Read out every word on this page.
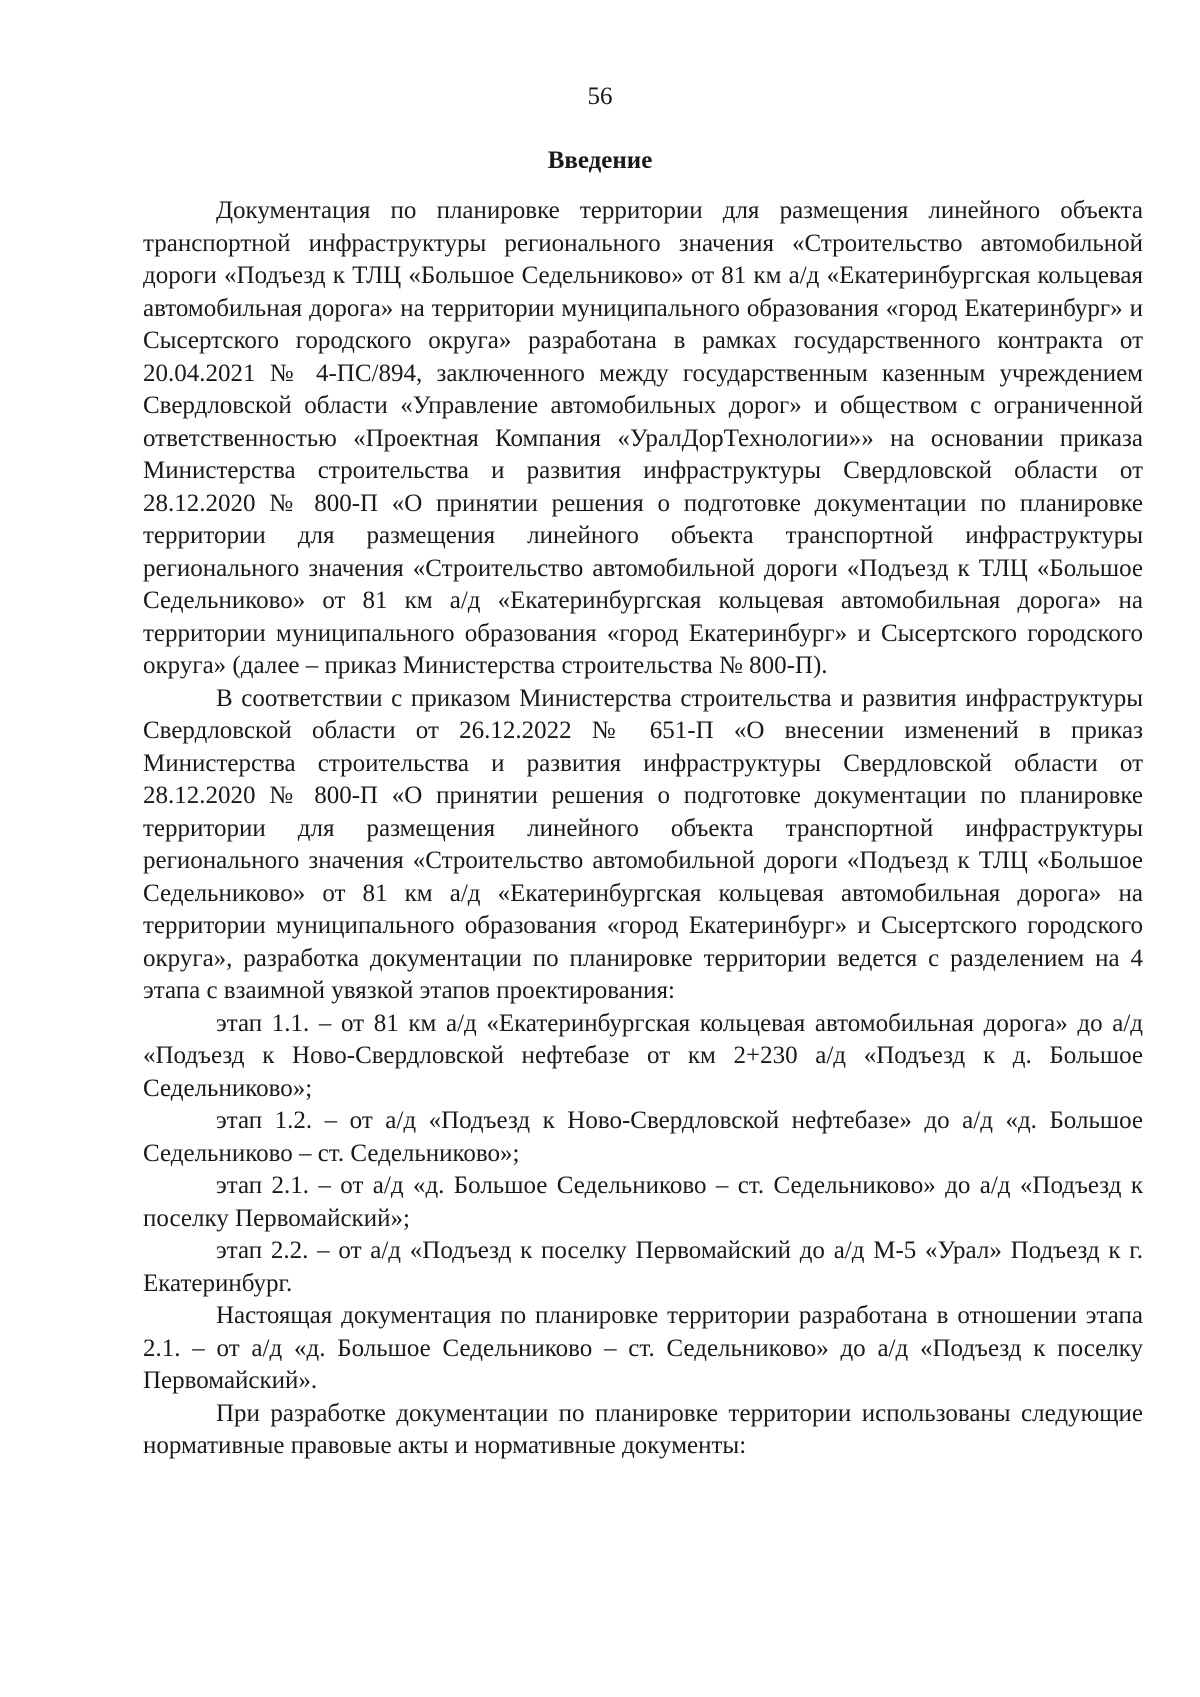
56
Введение

Документация по планировке территории для размещения линейного объекта транспортной инфраструктуры регионального значения «Строительство автомобильной дороги «Подъезд к ТЛЦ «Большое Седельниково» от 81 км а/д «Екатеринбургская кольцевая автомобильная дорога» на территории муниципального образования «город Екатеринбург» и Сысертского городского округа» разработана в рамках государственного контракта от 20.04.2021 № 4-ПС/894, заключенного между государственным казенным учреждением Свердловской области «Управление автомобильных дорог» и обществом с ограниченной ответственностью «Проектная Компания «УралДорТехнологии»» на основании приказа Министерства строительства и развития инфраструктуры Свердловской области от 28.12.2020 № 800-П «О принятии решения о подготовке документации по планировке территории для размещения линейного объекта транспортной инфраструктуры регионального значения «Строительство автомобильной дороги «Подъезд к ТЛЦ «Большое Седельниково» от 81 км а/д «Екатеринбургская кольцевая автомобильная дорога» на территории муниципального образования «город Екатеринбург» и Сысертского городского округа» (далее – приказ Министерства строительства № 800-П).

В соответствии с приказом Министерства строительства и развития инфраструктуры Свердловской области от 26.12.2022 № 651-П «О внесении изменений в приказ Министерства строительства и развития инфраструктуры Свердловской области от 28.12.2020 № 800-П «О принятии решения о подготовке документации по планировке территории для размещения линейного объекта транспортной инфраструктуры регионального значения «Строительство автомобильной дороги «Подъезд к ТЛЦ «Большое Седельниково» от 81 км а/д «Екатеринбургская кольцевая автомобильная дорога» на территории муниципального образования «город Екатеринбург» и Сысертского городского округа», разработка документации по планировке территории ведется с разделением на 4 этапа с взаимной увязкой этапов проектирования:

этап 1.1. – от 81 км а/д «Екатеринбургская кольцевая автомобильная дорога» до а/д «Подъезд к Ново-Свердловской нефтебазе от км 2+230 а/д «Подъезд к д. Большое Седельниково»;

этап 1.2. – от а/д «Подъезд к Ново-Свердловской нефтебазе» до а/д «д. Большое Седельниково – ст. Седельниково»;

этап 2.1. – от а/д «д. Большое Седельниково – ст. Седельниково» до а/д «Подъезд к поселку Первомайский»;

этап 2.2. – от а/д «Подъезд к поселку Первомайский до а/д М-5 «Урал» Подъезд к г. Екатеринбург.

Настоящая документация по планировке территории разработана в отношении этапа 2.1. – от а/д «д. Большое Седельниково – ст. Седельниково» до а/д «Подъезд к поселку Первомайский».

При разработке документации по планировке территории использованы следующие нормативные правовые акты и нормативные документы:
